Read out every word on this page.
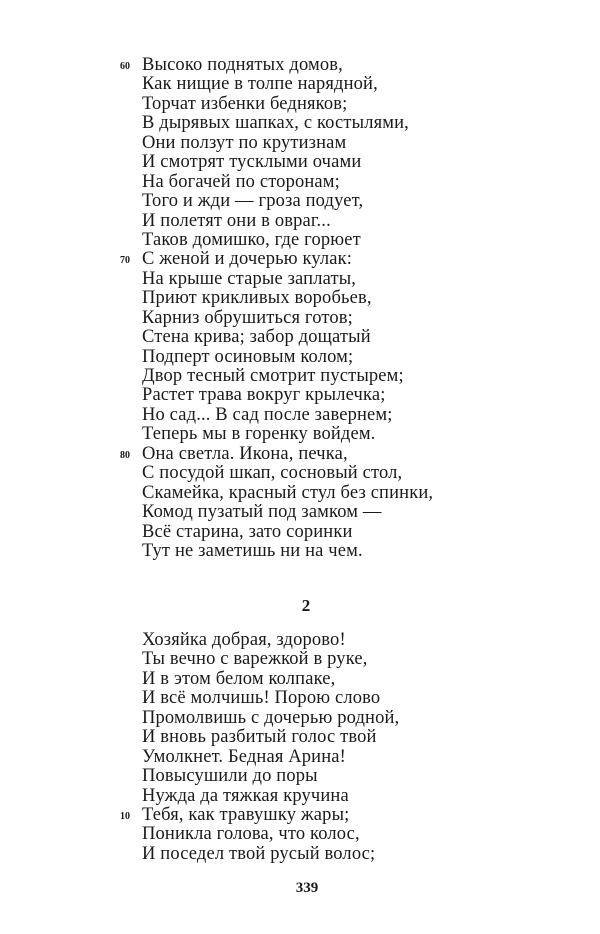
60 Высоко поднятых домов,
Как нищие в толпе нарядной,
Торчат избенки бедняков;
В дырявых шапках, с костылями,
Они ползут по крутизнам
И смотрят тусклыми очами
На богачей по сторонам;
Того и жди — гроза подует,
И полетят они в овраг...
Таков домишко, где горюет
70 С женой и дочерью кулак:
На крыше старые заплаты,
Приют крикливых воробьев,
Карниз обрушиться готов;
Стена крива; забор дощатый
Подперт осиновым колом;
Двор тесный смотрит пустырем;
Растет трава вокруг крылечка;
Но сад... В сад после завернем;
Теперь мы в горенку войдем.
80 Она светла. Икона, печка,
С посудой шкап, сосновый стол,
Скамейка, красный стул без спинки,
Комод пузатый под замком —
Всё старина, зато соринки
Тут не заметишь ни на чем.
2
Хозяйка добрая, здорово!
Ты вечно с варежкой в руке,
И в этом белом колпаке,
И всё молчишь! Порою слово
Промолвишь с дочерью родной,
И вновь разбитый голос твой
Умолкнет. Бедная Арина!
Повысушили до поры
Нужда да тяжкая кручина
10 Тебя, как травушку жары;
Поникла голова, что колос,
И поседел твой русый волос;
339
